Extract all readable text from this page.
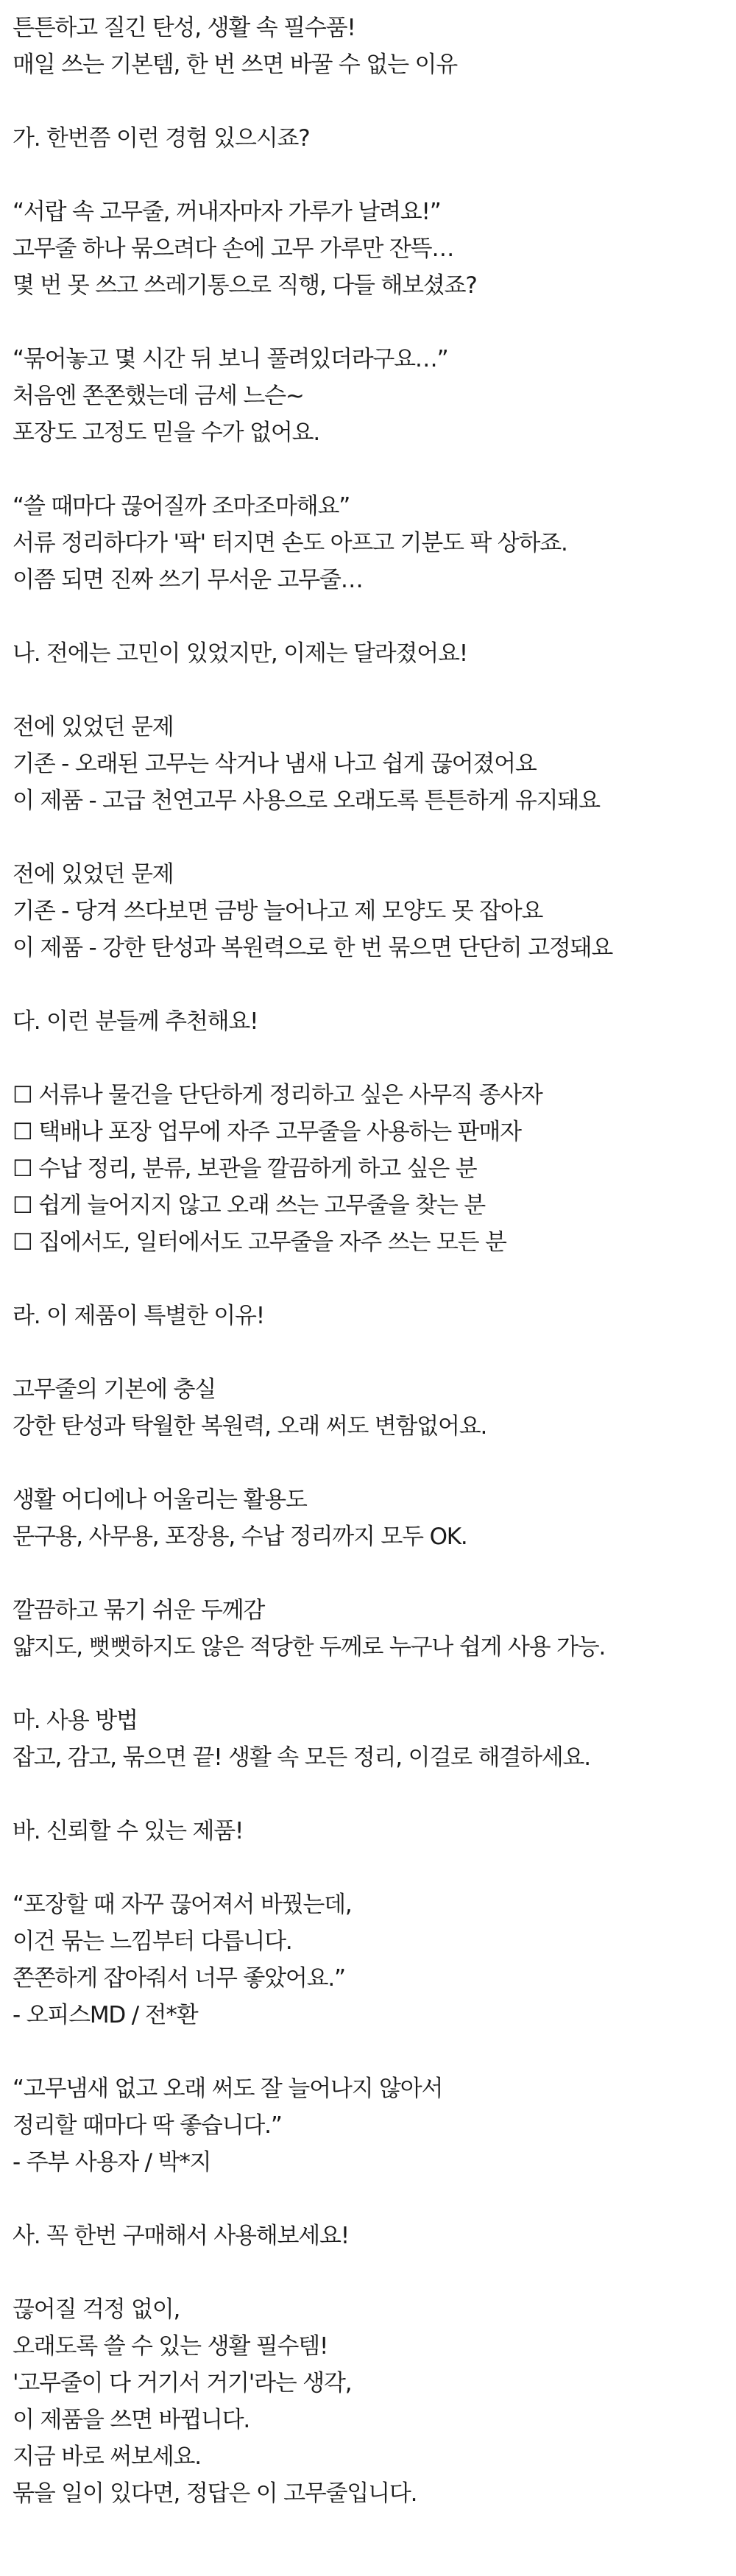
튼튼하고 질긴 탄성, 생활 속 필수품!
매일 쓰는 기본템, 한 번 쓰면 바꿀 수 없는 이유
가. 한번쯤 이런 경험 있으시죠?
“서랍 속 고무줄, 꺼내자마자 가루가 날려요!”
고무줄 하나 묶으려다 손에 고무 가루만 잔뜩…
몇 번 못 쓰고 쓰레기통으로 직행, 다들 해보셨죠?
“묶어놓고 몇 시간 뒤 보니 풀려있더라구요…”
처음엔 쫀쫀했는데 금세 느슨~
포장도 고정도 믿을 수가 없어요.
“쓸 때마다 끊어질까 조마조마해요”
서류 정리하다가 '팍' 터지면 손도 아프고 기분도 팍 상하죠.
이쯤 되면 진짜 쓰기 무서운 고무줄…
나. 전에는 고민이 있었지만, 이제는 달라졌어요!
전에 있었던 문제
기존 - 오래된 고무는 삭거나 냄새 나고 쉽게 끊어졌어요
이 제품 - 고급 천연고무 사용으로 오래도록 튼튼하게 유지돼요
전에 있었던 문제
기존 - 당겨 쓰다보면 금방 늘어나고 제 모양도 못 잡아요
이 제품 - 강한 탄성과 복원력으로 한 번 묶으면 단단히 고정돼요
다. 이런 분들께 추천해요!
☐ 서류나 물건을 단단하게 정리하고 싶은 사무직 종사자
☐ 택배나 포장 업무에 자주 고무줄을 사용하는 판매자
☐ 수납 정리, 분류, 보관을 깔끔하게 하고 싶은 분
☐ 쉽게 늘어지지 않고 오래 쓰는 고무줄을 찾는 분
☐ 집에서도, 일터에서도 고무줄을 자주 쓰는 모든 분
라. 이 제품이 특별한 이유!
고무줄의 기본에 충실
강한 탄성과 탁월한 복원력, 오래 써도 변함없어요.
생활 어디에나 어울리는 활용도
문구용, 사무용, 포장용, 수납 정리까지 모두 OK.
깔끔하고 묶기 쉬운 두께감
얇지도, 뻣뻣하지도 않은 적당한 두께로 누구나 쉽게 사용 가능.
마. 사용 방법
잡고, 감고, 묶으면 끝! 생활 속 모든 정리, 이걸로 해결하세요.
바. 신뢰할 수 있는 제품!
“포장할 때 자꾸 끊어져서 바꿨는데,
이건 묶는 느낌부터 다릅니다.
쫀쫀하게 잡아줘서 너무 좋았어요.”
- 오피스MD / 전*환
“고무냄새 없고 오래 써도 잘 늘어나지 않아서
정리할 때마다 딱 좋습니다.”
- 주부 사용자 / 박*지
사. 꼭 한번 구매해서 사용해보세요!
끊어질 걱정 없이,
오래도록 쓸 수 있는 생활 필수템!
'고무줄이 다 거기서 거기'라는 생각,
이 제품을 쓰면 바뀝니다.
지금 바로 써보세요.
묶을 일이 있다면, 정답은 이 고무줄입니다.
